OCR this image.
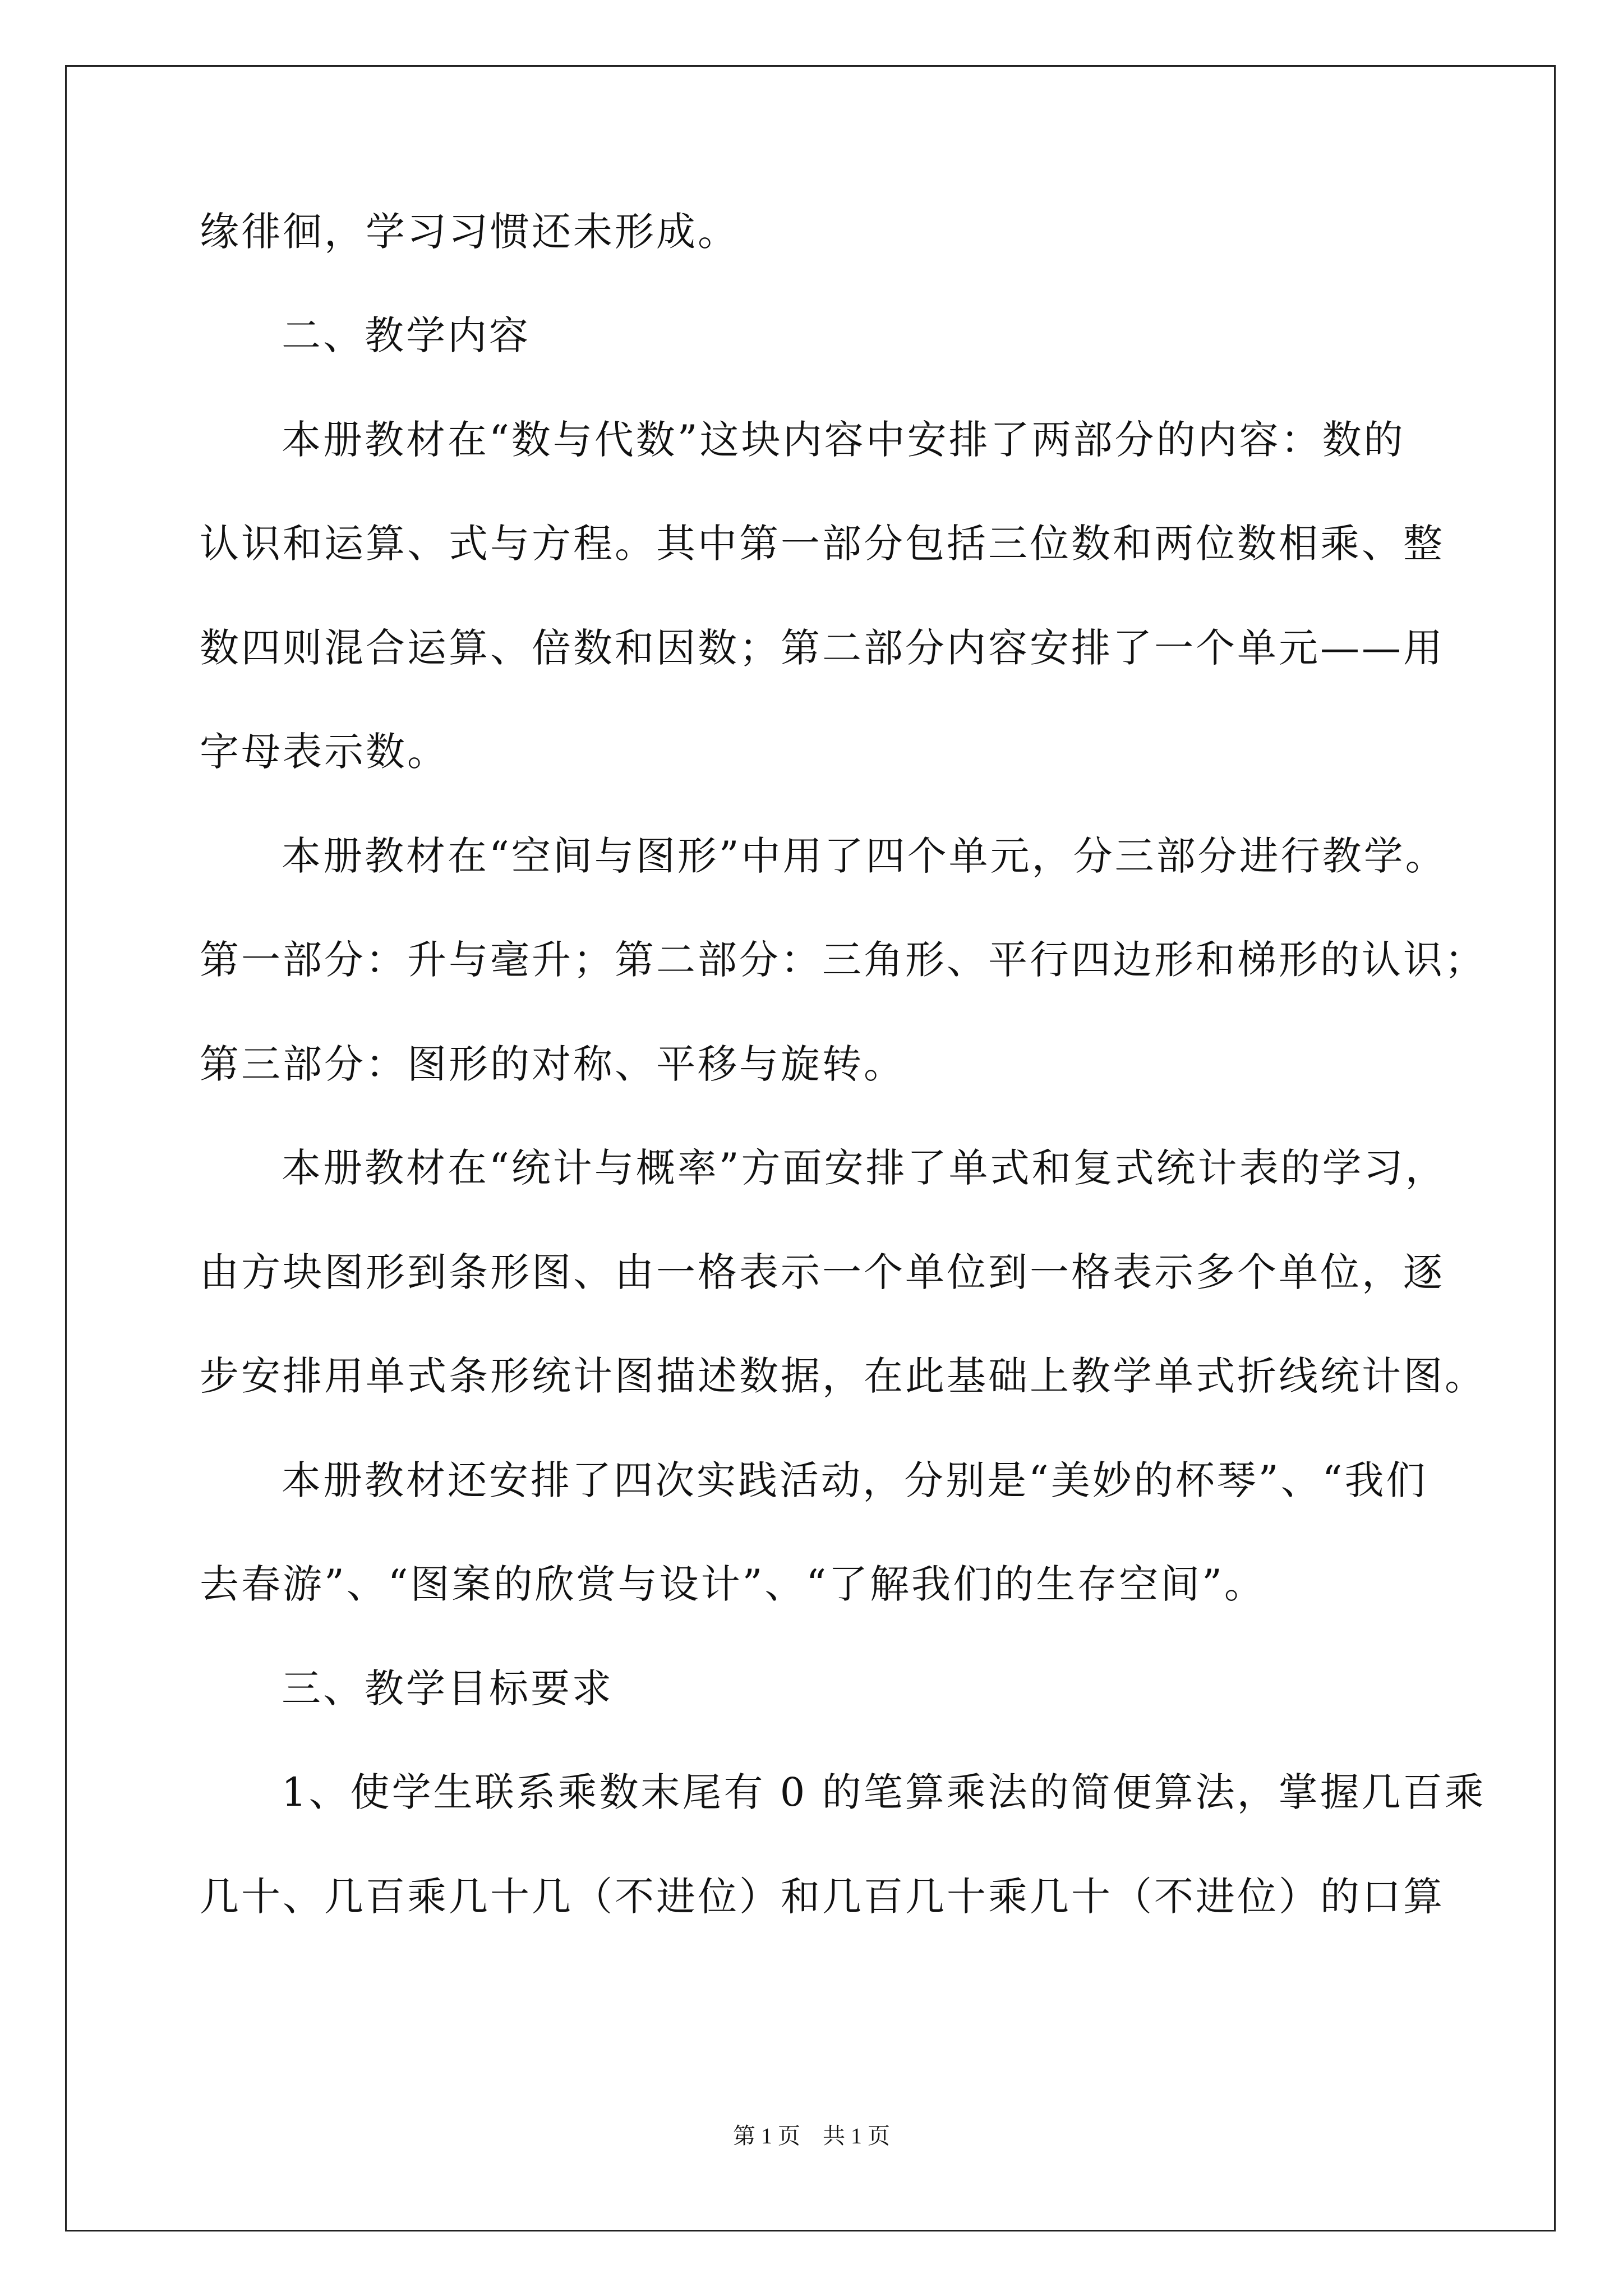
缘徘徊，学习习惯还未形成。
二、教学内容
本册教材在“数与代数”这块内容中安排了两部分的内容：数的
认识和运算、式与方程。其中第一部分包括三位数和两位数相乘、整
数四则混合运算、倍数和因数；第二部分内容安排了一个单元——用
字母表示数。
本册教材在“空间与图形”中用了四个单元，分三部分进行教学。
第一部分：升与毫升；第二部分：三角形、平行四边形和梯形的认识；
第三部分：图形的对称、平移与旋转。
本册教材在“统计与概率”方面安排了单式和复式统计表的学习，
由方块图形到条形图、由一格表示一个单位到一格表示多个单位，逐
步安排用单式条形统计图描述数据，在此基础上教学单式折线统计图。
本册教材还安排了四次实践活动，分别是“美妙的杯琴”、“我们
去春游”、“图案的欣赏与设计”、“了解我们的生存空间”。
三、教学目标要求
1、使学生联系乘数末尾有 0 的笔算乘法的简便算法，掌握几百乘
几十、几百乘几十几（不进位）和几百几十乘几十（不进位）的口算
第 1 页　共 1 页
